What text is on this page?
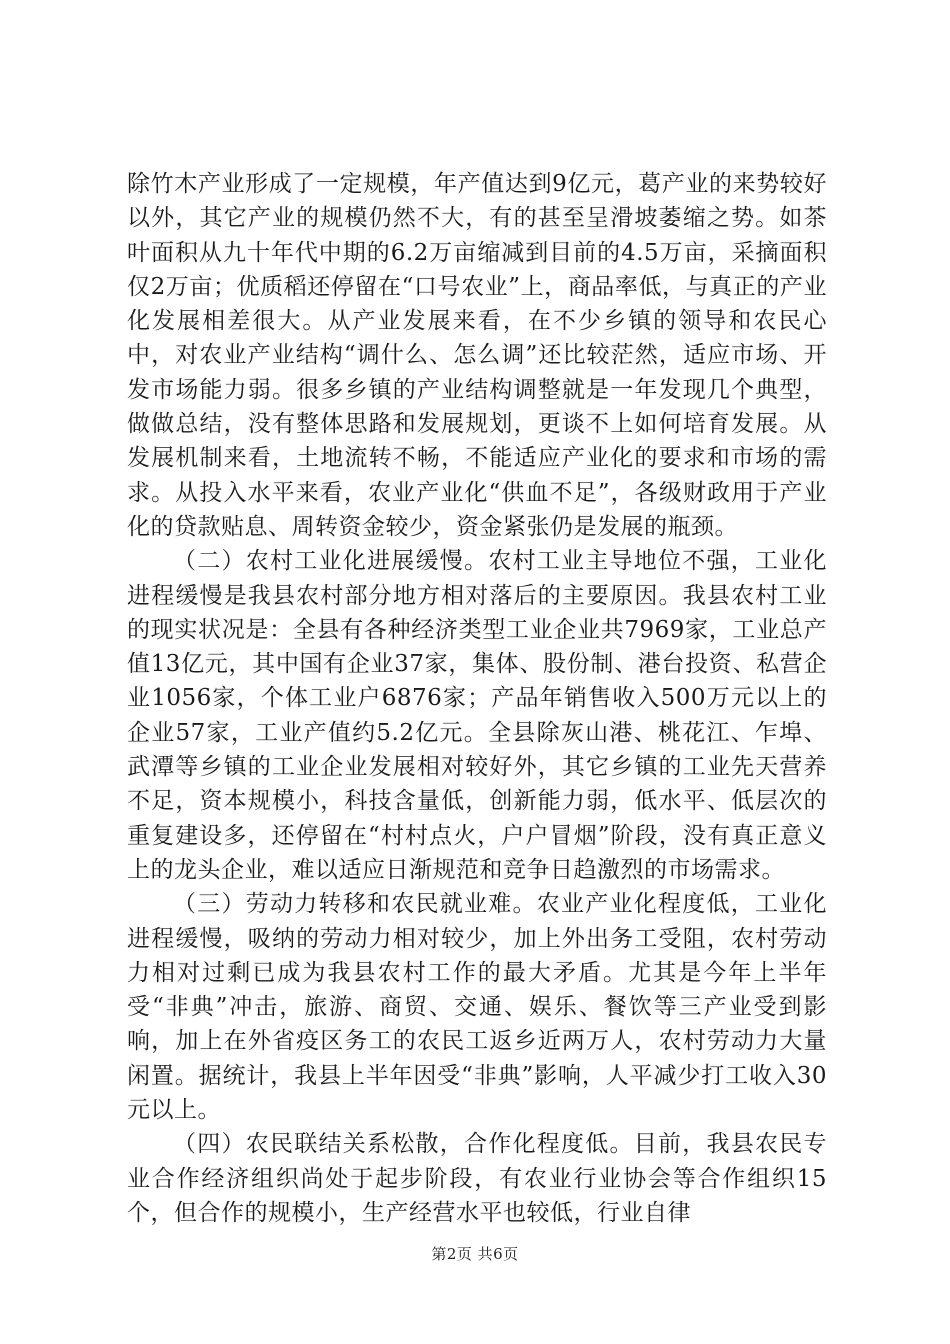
除竹木产业形成了一定规模，年产值达到9亿元，葛产业的来势较好以外，其它产业的规模仍然不大，有的甚至呈滑坡萎缩之势。如茶叶面积从九十年代中期的6.2万亩缩减到目前的4.5万亩，采摘面积仅2万亩；优质稻还停留在“口号农业”上，商品率低，与真正的产业化发展相差很大。从产业发展来看，在不少乡镇的领导和农民心中，对农业产业结构“调什么、怎么调”还比较茫然，适应市场、开发市场能力弱。很多乡镇的产业结构调整就是一年发现几个典型，做做总结，没有整体思路和发展规划，更谈不上如何培育发展。从发展机制来看，土地流转不畅，不能适应产业化的要求和市场的需求。从投入水平来看，农业产业化“供血不足”，各级财政用于产业化的贷款贴息、周转资金较少，资金紧张仍是发展的瓶颈。

（二）农村工业化进展缓慢。农村工业主导地位不强，工业化进程缓慢是我县农村部分地方相对落后的主要原因。我县农村工业的现实状况是：全县有各种经济类型工业企业共7969家，工业总产值13亿元，其中国有企业37家，集体、股份制、港台投资、私营企业1056家，个体工业户6876家；产品年销售收入500万元以上的企业57家，工业产值约5.2亿元。全县除灰山港、桃花江、乍埠、武潭等乡镇的工业企业发展相对较好外，其它乡镇的工业先天营养不足，资本规模小，科技含量低，创新能力弱，低水平、低层次的重复建设多，还停留在“村村点火，户户冒烟”阶段，没有真正意义上的龙头企业，难以适应日渐规范和竞争日趋激烈的市场需求。

（三）劳动力转移和农民就业难。农业产业化程度低，工业化进程缓慢，吸纳的劳动力相对较少，加上外出务工受阻，农村劳动力相对过剩已成为我县农村工作的最大矛盾。尤其是今年上半年受“非典”冲击，旅游、商贸、交通、娱乐、餐饮等三产业受到影响，加上在外省疫区务工的农民工返乡近两万人，农村劳动力大量闲置。据统计，我县上半年因受“非典”影响，人平减少打工收入30元以上。

（四）农民联结关系松散，合作化程度低。目前，我县农民专业合作经济组织尚处于起步阶段，有农业行业协会等合作组织15个，但合作的规模小，生产经营水平也较低，行业自律

第2页 共6页
